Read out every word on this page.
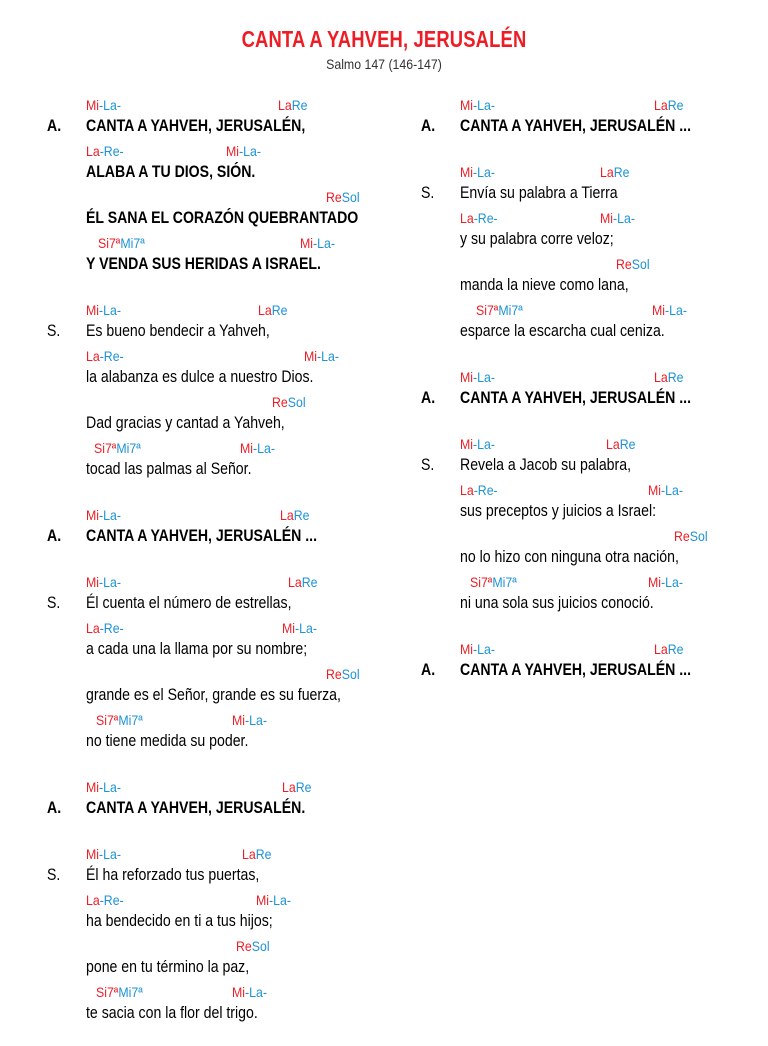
CANTA A YAHVEH, JERUSALÉN
Salmo 147 (146-147)
Mi-La-	LaRe
A. CANTA A YAHVEH, JERUSALÉN,
La-Re-	Mi-La-
ALABA A TU DIOS, SIÓN.
ReSol
ÉL SANA EL CORAZÓN QUEBRANTADO
Si7ªMi7ª	Mi-La-
Y VENDA SUS HERIDAS A ISRAEL.
Mi-La-	LaRe
S. Es bueno bendecir a Yahveh,
La-Re-	Mi-La-
la alabanza es dulce a nuestro Dios.
ReSol
Dad gracias y cantad a Yahveh,
Si7ªMi7ª	Mi-La-
tocad las palmas al Señor.
Mi-La-	LaRe
A. CANTA A YAHVEH, JERUSALÉN ...
Mi-La-	LaRe
S. Él cuenta el número de estrellas,
La-Re-	Mi-La-
a cada una la llama por su nombre;
ReSol
grande es el Señor, grande es su fuerza,
Si7ªMi7ª	Mi-La-
no tiene medida su poder.
Mi-La-	LaRe
A. CANTA A YAHVEH, JERUSALÉN.
Mi-La-	LaRe
S. Él ha reforzado tus puertas,
La-Re-	Mi-La-
ha bendecido en ti a tus hijos;
ReSol
pone en tu término la paz,
Si7ªMi7ª	Mi-La-
te sacia con la flor del trigo.
Mi-La-	LaRe
A. CANTA A YAHVEH, JERUSALÉN ...
Mi-La-	LaRe
S. Envía su palabra a Tierra
La-Re-	Mi-La-
y su palabra corre veloz;
ReSol
manda la nieve como lana,
Si7ªMi7ª	Mi-La-
esparce la escarcha cual ceniza.
Mi-La-	LaRe
A. CANTA A YAHVEH, JERUSALÉN ...
Mi-La-	LaRe
S. Revela a Jacob su palabra,
La-Re-	Mi-La-
sus preceptos y juicios a Israel:
ReSol
no lo hizo con ninguna otra nación,
Si7ªMi7ª	Mi-La-
ni una sola sus juicios conoció.
Mi-La-	LaRe
A. CANTA A YAHVEH, JERUSALÉN ...
